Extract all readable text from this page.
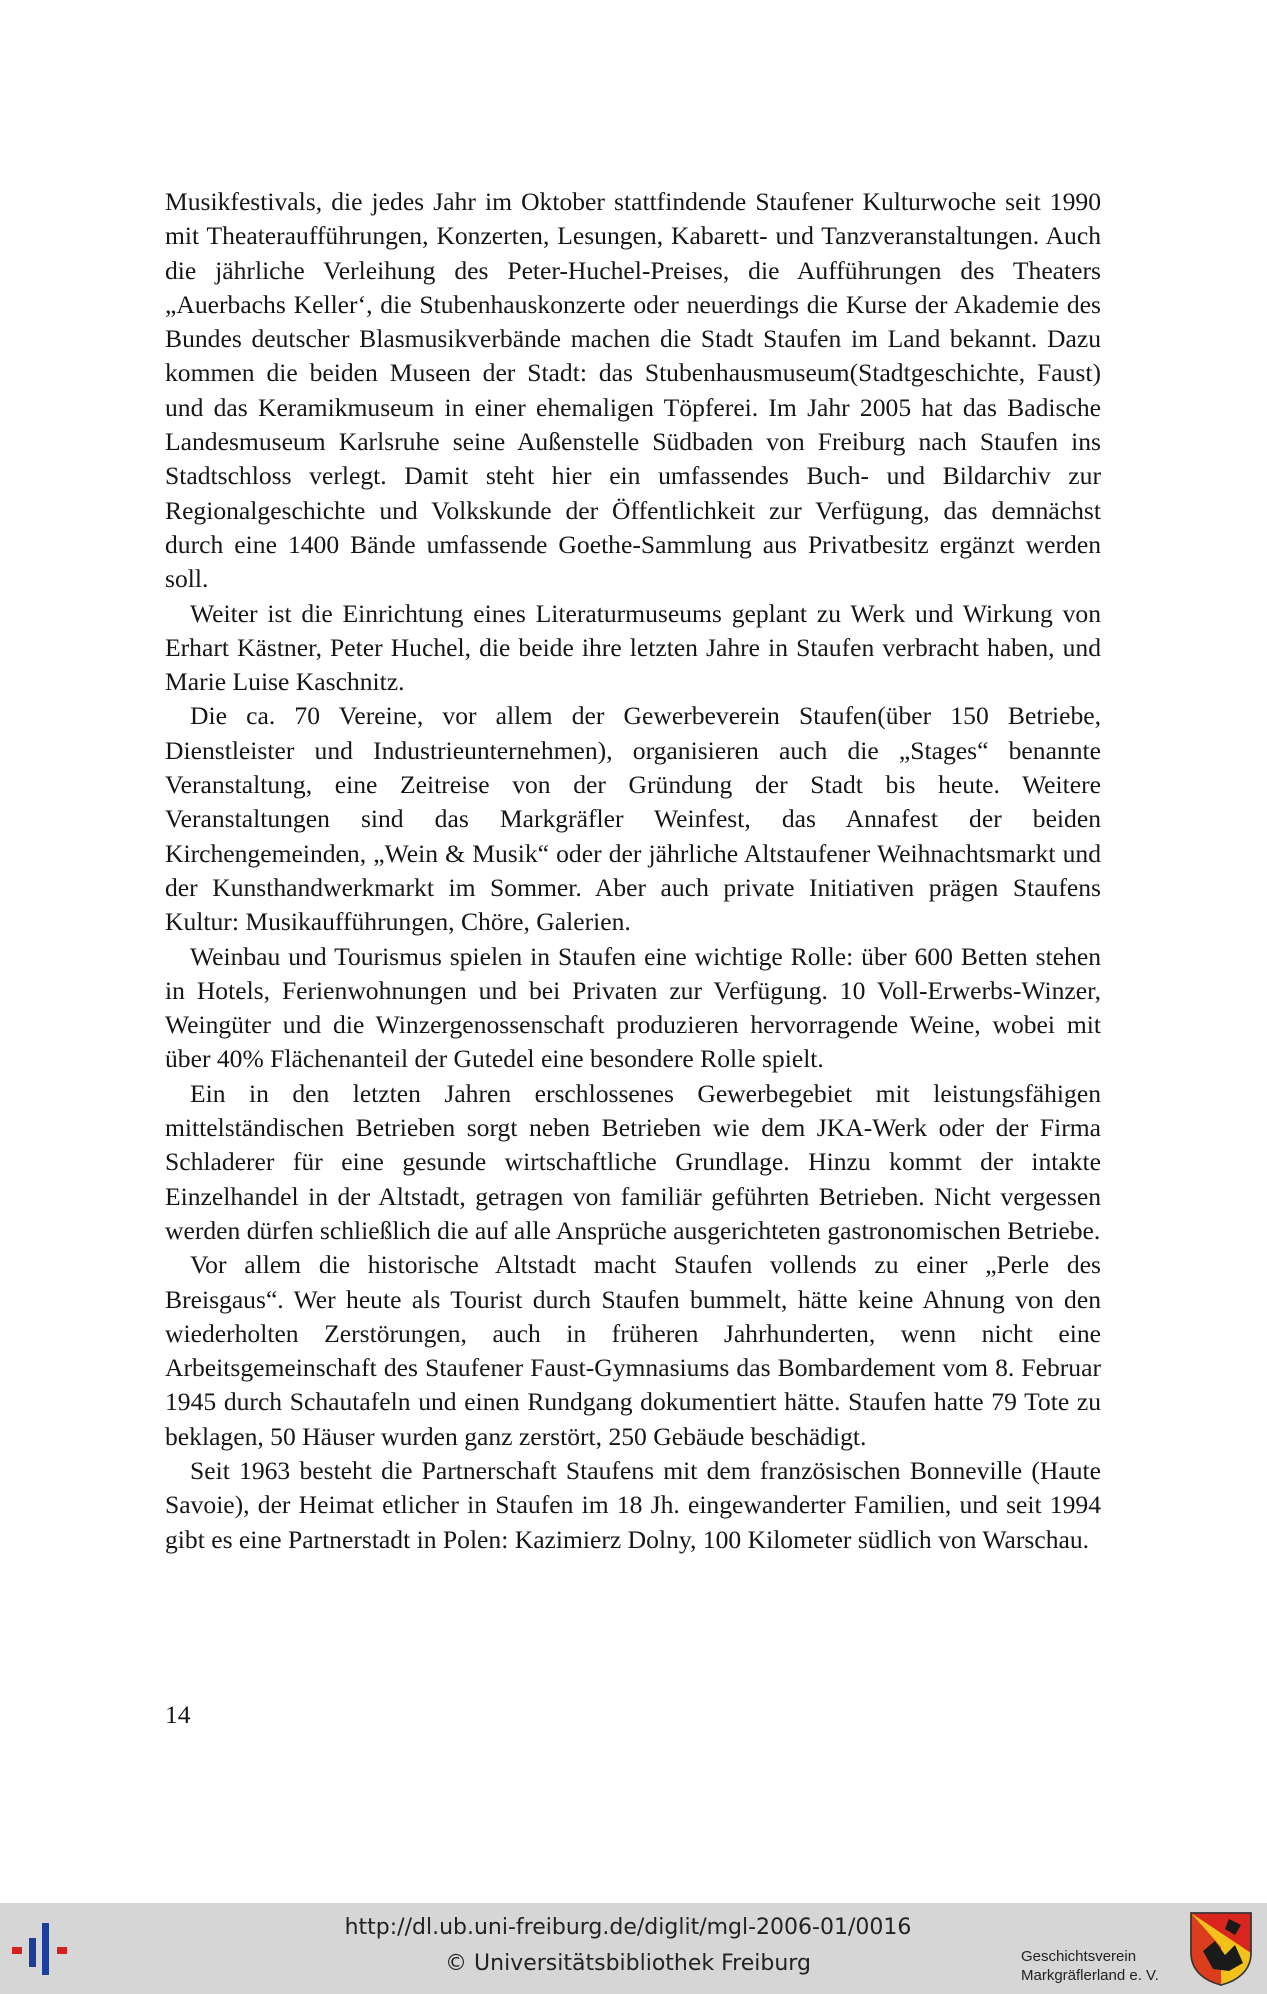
Musikfestivals, die jedes Jahr im Oktober stattfindende Staufener Kulturwoche seit 1990 mit Theateraufführungen, Konzerten, Lesungen, Kabarett- und Tanzveranstaltungen. Auch die jährliche Verleihung des Peter-Huchel-Preises, die Aufführungen des Theaters „Auerbachs Keller‘, die Stubenhauskonzerte oder neuerdings die Kurse der Akademie des Bundes deutscher Blasmusikverbände machen die Stadt Staufen im Land bekannt. Dazu kommen die beiden Museen der Stadt: das Stubenhausmuseum(Stadtgeschichte, Faust) und das Keramikmuseum in einer ehemaligen Töpferei. Im Jahr 2005 hat das Badische Landesmuseum Karlsruhe seine Außenstelle Südbaden von Freiburg nach Staufen ins Stadtschloss verlegt. Damit steht hier ein umfassendes Buch- und Bildarchiv zur Regionalgeschichte und Volkskunde der Öffentlichkeit zur Verfügung, das demnächst durch eine 1400 Bände umfassende Goethe-Sammlung aus Privatbesitz ergänzt werden soll.

Weiter ist die Einrichtung eines Literaturmuseums geplant zu Werk und Wirkung von Erhart Kästner, Peter Huchel, die beide ihre letzten Jahre in Staufen verbracht haben, und Marie Luise Kaschnitz.

Die ca. 70 Vereine, vor allem der Gewerbeverein Staufen(über 150 Betriebe, Dienstleister und Industrieunternehmen), organisieren auch die „Stages“ benannte Veranstaltung, eine Zeitreise von der Gründung der Stadt bis heute. Weitere Veranstaltungen sind das Markgräfler Weinfest, das Annafest der beiden Kirchengemeinden, „Wein & Musik“ oder der jährliche Altstaufener Weihnachtsmarkt und der Kunsthandwerkmarkt im Sommer. Aber auch private Initiativen prägen Staufens Kultur: Musikaufführungen, Chöre, Galerien.

Weinbau und Tourismus spielen in Staufen eine wichtige Rolle: über 600 Betten stehen in Hotels, Ferienwohnungen und bei Privaten zur Verfügung. 10 Voll-Erwerbs-Winzer, Weingüter und die Winzergenossenschaft produzieren hervorragende Weine, wobei mit über 40% Flächenanteil der Gutedel eine besondere Rolle spielt.

Ein in den letzten Jahren erschlossenes Gewerbegebiet mit leistungsfähigen mittelständischen Betrieben sorgt neben Betrieben wie dem JKA-Werk oder der Firma Schladerer für eine gesunde wirtschaftliche Grundlage. Hinzu kommt der intakte Einzelhandel in der Altstadt, getragen von familiär geführten Betrieben. Nicht vergessen werden dürfen schließlich die auf alle Ansprüche ausgerichteten gastronomischen Betriebe.

Vor allem die historische Altstadt macht Staufen vollends zu einer „Perle des Breisgaus“. Wer heute als Tourist durch Staufen bummelt, hätte keine Ahnung von den wiederholten Zerstörungen, auch in früheren Jahrhunderten, wenn nicht eine Arbeitsgemeinschaft des Staufener Faust-Gymnasiums das Bombardement vom 8. Februar 1945 durch Schautafeln und einen Rundgang dokumentiert hätte. Staufen hatte 79 Tote zu beklagen, 50 Häuser wurden ganz zerstört, 250 Gebäude beschädigt.

Seit 1963 besteht die Partnerschaft Staufens mit dem französischen Bonneville (Haute Savoie), der Heimat etlicher in Staufen im 18 Jh. eingewanderter Familien, und seit 1994 gibt es eine Partnerstadt in Polen: Kazimierz Dolny, 100 Kilometer südlich von Warschau.

14
http://dl.ub.uni-freiburg.de/diglit/mgl-2006-01/0016
© Universitätsbibliothek Freiburg	Geschichtsverein
Markgräflerland e. V.
